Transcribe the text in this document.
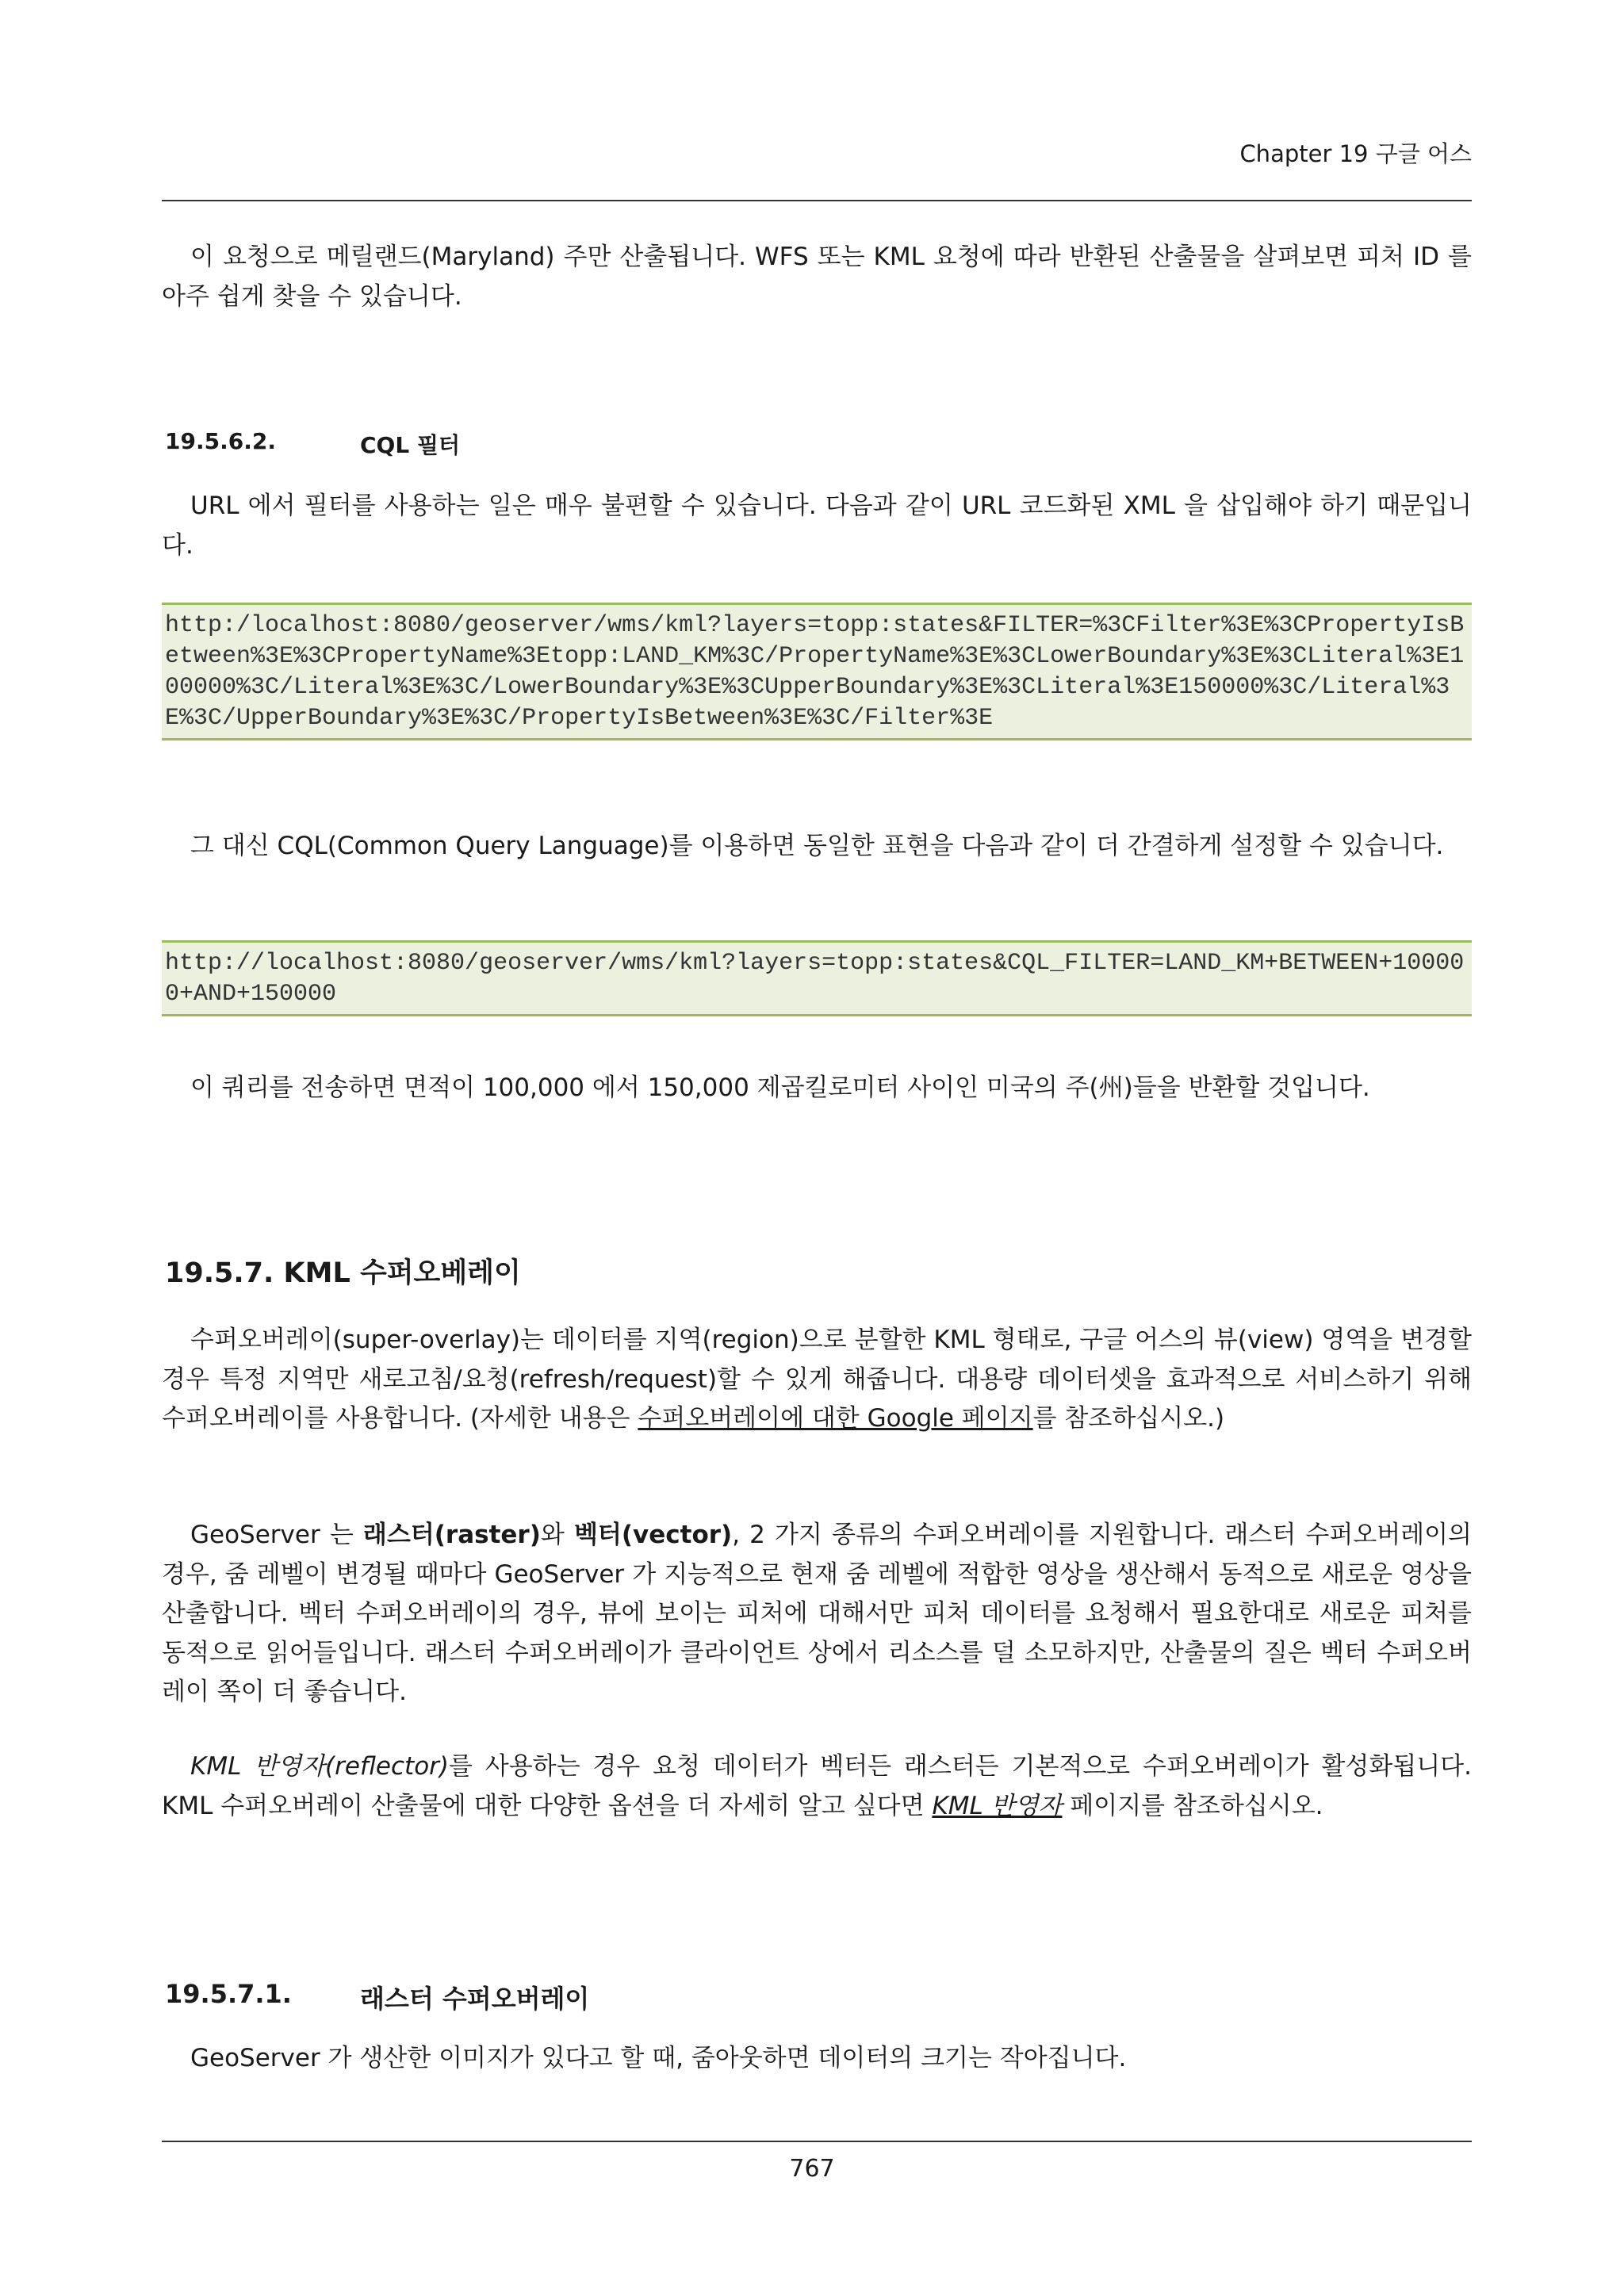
Chapter 19 구글 어스

이 요청으로 메릴랜드(Maryland) 주만 산출됩니다. WFS 또는 KML 요청에 따라 반환된 산출물을 살펴보면 피처 ID 를 아주 쉽게 찾을 수 있습니다.

19.5.6.2.	CQL 필터

URL 에서 필터를 사용하는 일은 매우 불편할 수 있습니다. 다음과 같이 URL 코드화된 XML 을 삽입해야 하기 때문입니다.

http:/localhost:8080/geoserver/wms/kml?layers=topp:states&FILTER=%3CFilter%3E%3CPropertyIsBetween%3E%3CPropertyName%3Etopp:LAND_KM%3C/PropertyName%3E%3CLowerBoundary%3E%3CLiteral%3E100000%3C/Literal%3E%3C/LowerBoundary%3E%3CUpperBoundary%3E%3CLiteral%3E150000%3C/Literal%3E%3C/UpperBoundary%3E%3C/PropertyIsBetween%3E%3C/Filter%3E

그 대신 CQL(Common Query Language)를 이용하면 동일한 표현을 다음과 같이 더 간결하게 설정할 수 있습니다.

http://localhost:8080/geoserver/wms/kml?layers=topp:states&CQL_FILTER=LAND_KM+BETWEEN+100000+AND+150000

이 쿼리를 전송하면 면적이 100,000 에서 150,000 제곱킬로미터 사이인 미국의 주(州)들을 반환할 것입니다.

19.5.7. KML 수퍼오베레이

수퍼오버레이(super-overlay)는 데이터를 지역(region)으로 분할한 KML 형태로, 구글 어스의 뷰(view) 영역을 변경할 경우 특정 지역만 새로고침/요청(refresh/request)할 수 있게 해줍니다. 대용량 데이터셋을 효과적으로 서비스하기 위해 수퍼오버레이를 사용합니다. (자세한 내용은 수퍼오버레이에 대한 Google 페이지를 참조하십시오.)

GeoServer 는 래스터(raster)와 벡터(vector), 2 가지 종류의 수퍼오버레이를 지원합니다. 래스터 수퍼오버레이의 경우, 줌 레벨이 변경될 때마다 GeoServer 가 지능적으로 현재 줌 레벨에 적합한 영상을 생산해서 동적으로 새로운 영상을 산출합니다. 벡터 수퍼오버레이의 경우, 뷰에 보이는 피처에 대해서만 피처 데이터를 요청해서 필요한대로 새로운 피처를 동적으로 읽어들입니다. 래스터 수퍼오버레이가 클라이언트 상에서 리소스를 덜 소모하지만, 산출물의 질은 벡터 수퍼오버레이 쪽이 더 좋습니다.

KML 반영자(reflector)를 사용하는 경우 요청 데이터가 벡터든 래스터든 기본적으로 수퍼오버레이가 활성화됩니다. KML 수퍼오버레이 산출물에 대한 다양한 옵션을 더 자세히 알고 싶다면 KML 반영자 페이지를 참조하십시오.

19.5.7.1.	래스터 수퍼오버레이

GeoServer 가 생산한 이미지가 있다고 할 때, 줌아웃하면 데이터의 크기는 작아집니다.

767
